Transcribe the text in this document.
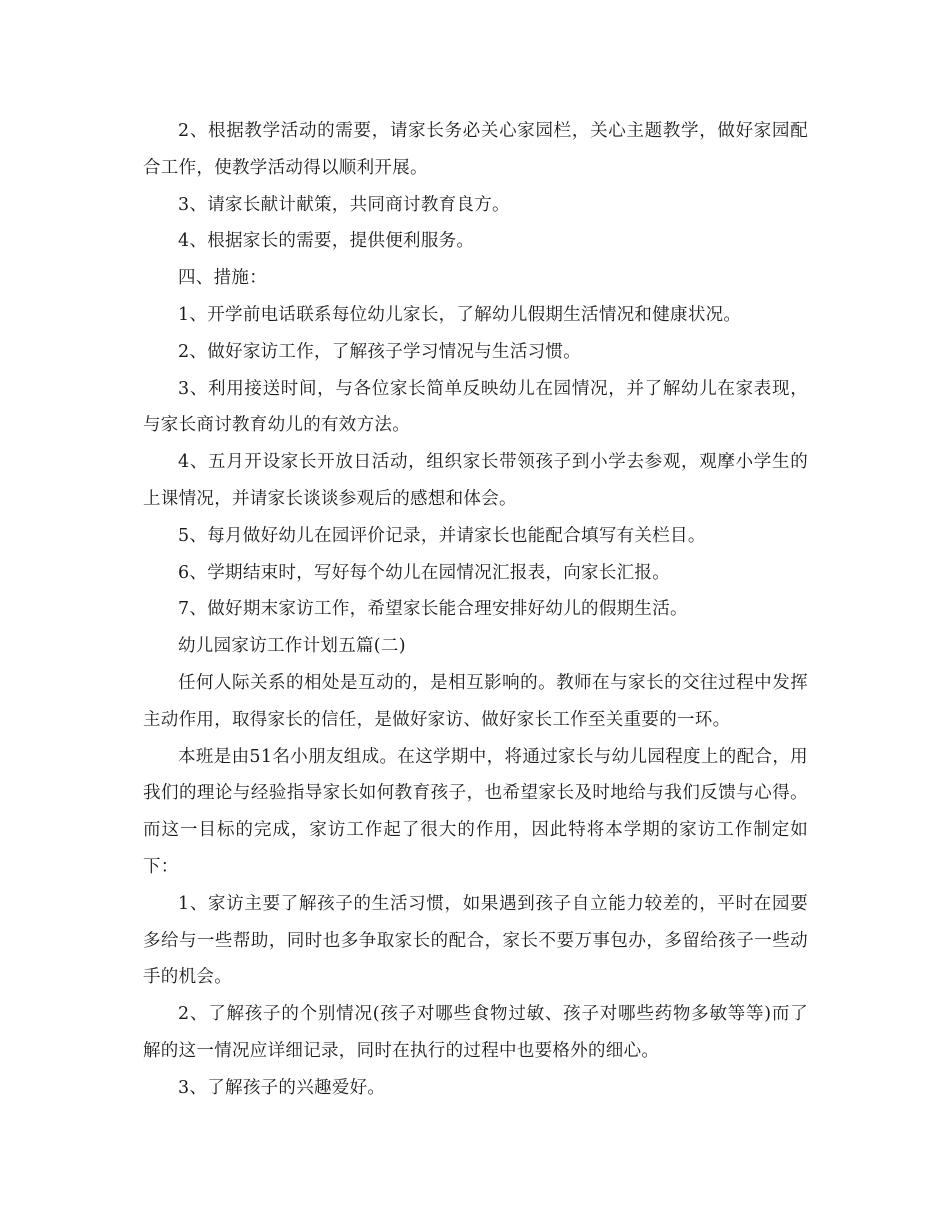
2、根据教学活动的需要，请家长务必关心家园栏，关心主题教学，做好家园配合工作，使教学活动得以顺利开展。

3、请家长献计献策，共同商讨教育良方。

4、根据家长的需要，提供便利服务。

四、措施：

1、开学前电话联系每位幼儿家长，了解幼儿假期生活情况和健康状况。

2、做好家访工作，了解孩子学习情况与生活习惯。

3、利用接送时间，与各位家长简单反映幼儿在园情况，并了解幼儿在家表现，与家长商讨教育幼儿的有效方法。

4、五月开设家长开放日活动，组织家长带领孩子到小学去参观，观摩小学生的上课情况，并请家长谈谈参观后的感想和体会。

5、每月做好幼儿在园评价记录，并请家长也能配合填写有关栏目。

6、学期结束时，写好每个幼儿在园情况汇报表，向家长汇报。

7、做好期末家访工作，希望家长能合理安排好幼儿的假期生活。

幼儿园家访工作计划五篇(二)

任何人际关系的相处是互动的，是相互影响的。教师在与家长的交往过程中发挥主动作用，取得家长的信任，是做好家访、做好家长工作至关重要的一环。

本班是由51名小朋友组成。在这学期中，将通过家长与幼儿园程度上的配合，用我们的理论与经验指导家长如何教育孩子，也希望家长及时地给与我们反馈与心得。而这一目标的完成，家访工作起了很大的作用，因此特将本学期的家访工作制定如下：

1、家访主要了解孩子的生活习惯，如果遇到孩子自立能力较差的，平时在园要多给与一些帮助，同时也多争取家长的配合，家长不要万事包办，多留给孩子一些动手的机会。

2、了解孩子的个别情况(孩子对哪些食物过敏、孩子对哪些药物多敏等等)而了解的这一情况应详细记录，同时在执行的过程中也要格外的细心。

3、了解孩子的兴趣爱好。
